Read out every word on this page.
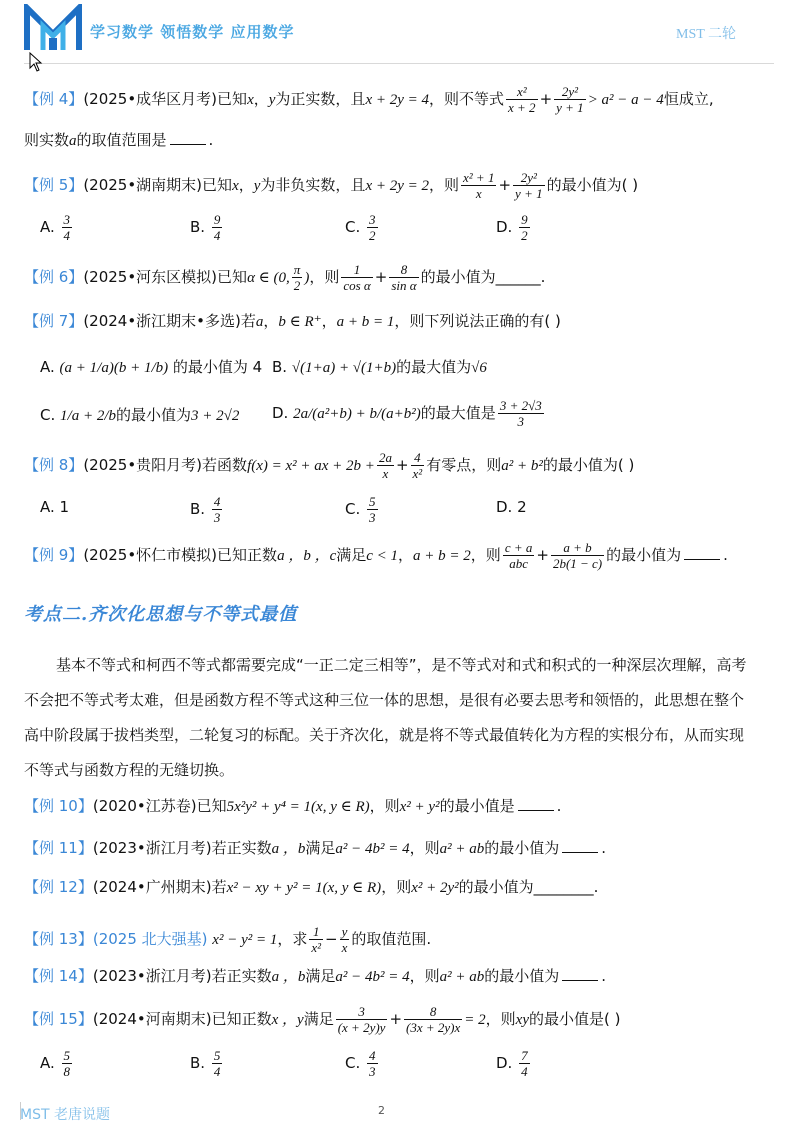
学习数学 领悟数学 应用数学	MST 二轮
【例 4】(2025•成华区月考)已知x，y为正实数，且x + 2y = 4，则不等式 $\frac{\text{x²}}{x + 2} + \frac{\text{2y²}}{y + 1} > a^2 - a - 4$恒成立,
则实数a的取值范围是	.
【例 5】(2025•湖南期末)已知x，y为非负实数，且x + 2y = 2，则 $\frac{\text{x² + 1}}{x} + \frac{\text{2y²}}{y + 1}$ 的最小值为( )
A. $\frac{3}{4}$	B. $\frac{9}{4}$	C. $\frac{3}{2}$	D. $\frac{9}{2}$
【例 6】(2025•河东区模拟)已知α ∈ (0, $\frac{\pi}{2}$ )，则 $\frac{1}{\text{cos α}} + \frac{8}{\text{sin α}}$ 的最小值为______.
【例 7】(2024•浙江期末•多选)若a，b ∈ R⁺，a + b = 1，则下列说法正确的有( )
A. (a + 1/a)(b + 1/b) 的最小值为 4 B. √(1+a) + √(1+b)的最大值为√6
C. 1/a + 2/b的最小值为3 + 2√2 D. 2a/(a²+b) + b/(a+b²)的最大值是 $\frac{3 + 2√3}{3}$
【例 8】(2025•贵阳月考)若函数f(x) = x² + ax + $2b + \frac{2a}{x} + \frac{4}{\text{x²}}$ 有零点，则a² + b²的最小值为( )
A. 1	B. $\frac{4}{3}$	C. $\frac{5}{3}$	D. 2
【例 9】(2025•怀仁市模拟)已知正数a ，b ，c满足c < 1，a + b = 2，则 $\frac{c + a}{\text{abc}} + \frac{a + b}{2b(1 - c)}$ 的最小值为	.
考点二.齐次化思想与不等式最值
基本不等式和柯西不等式都需要完成“一正二定三相等”，是不等式对和式和积式的一种深层次理解，高考不会把不等式考太难，但是函数方程不等式这种三位一体的思想，是很有必要去思考和领悟的，此思想在整个高中阶段属于拔档类型，二轮复习的标配。关于齐次化，就是将不等式最值转化为方程的实根分布，从而实现不等式与函数方程的无缝切换。
【例 10】(2020•江苏卷)已知5x²y² + y⁴ = 1(x, y ∈ R)，则x² + y²的最小值是	.
【例 11】(2023•浙江月考)若正实数a ，b满足a² − 4b² = 4，则a² + ab的最小值为	.
【例 12】(2024•广州期末)若x² − xy + y² = 1(x, y ∈ R)，则x² + 2y²的最小值为________.
【例 13】(2025 北大强基) x² − y² = 1，求 $\frac{1}{\text{x²}} - \frac{y}{x}$ 的取值范围.
【例 14】(2023•浙江月考)若正实数a ，b满足a² − 4b² = 4，则a² + ab的最小值为	.
【例 15】(2024•河南期末)已知正数x ，y满足 $\frac{3}{(x + 2y)y} + \frac{8}{(3x + 2y)x} = 2$，则xy的最小值是( )
A. $\frac{5}{8}$	B. $\frac{5}{4}$	C. $\frac{4}{3}$	D. $\frac{7}{4}$
MST 老唐说题	2
